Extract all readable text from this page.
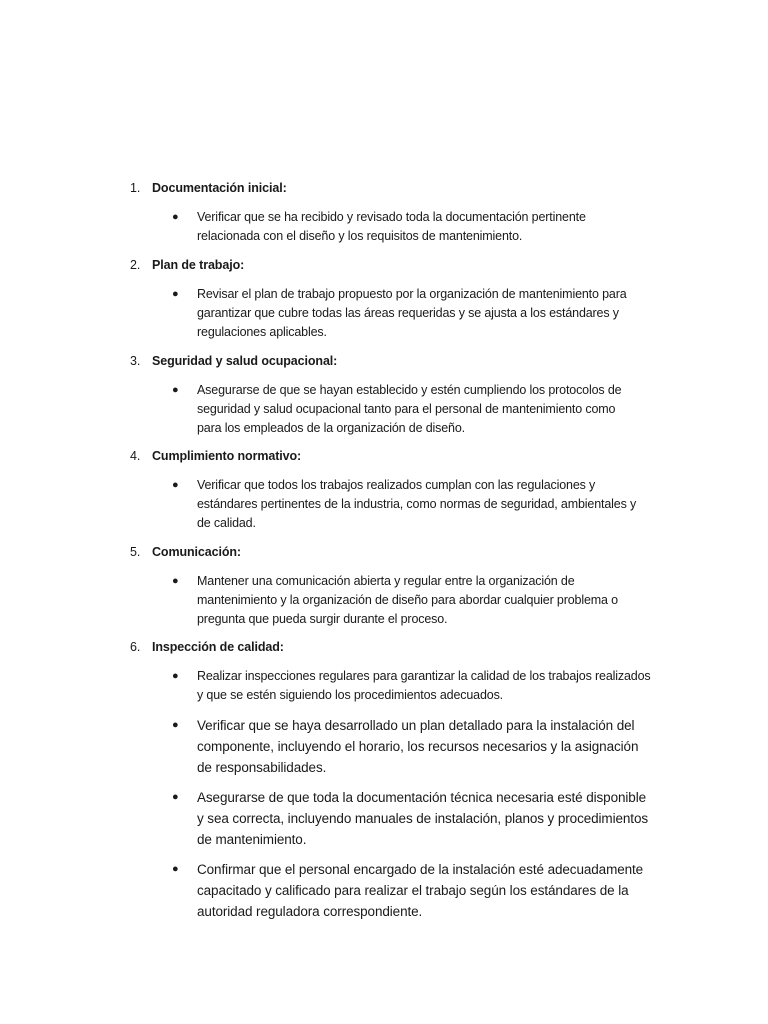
1. Documentación inicial:
● Verificar que se ha recibido y revisado toda la documentación pertinente
relacionada con el diseño y los requisitos de mantenimiento.
2. Plan de trabajo:
● Revisar el plan de trabajo propuesto por la organización de mantenimiento para
garantizar que cubre todas las áreas requeridas y se ajusta a los estándares y
regulaciones aplicables.
3. Seguridad y salud ocupacional:
● Asegurarse de que se hayan establecido y estén cumpliendo los protocolos de
seguridad y salud ocupacional tanto para el personal de mantenimiento como
para los empleados de la organización de diseño.
4. Cumplimiento normativo:
● Verificar que todos los trabajos realizados cumplan con las regulaciones y
estándares pertinentes de la industria, como normas de seguridad, ambientales y
de calidad.
5. Comunicación:
● Mantener una comunicación abierta y regular entre la organización de
mantenimiento y la organización de diseño para abordar cualquier problema o
pregunta que pueda surgir durante el proceso.
6. Inspección de calidad:
● Realizar inspecciones regulares para garantizar la calidad de los trabajos realizados
y que se estén siguiendo los procedimientos adecuados.
● Verificar que se haya desarrollado un plan detallado para la instalación del
componente, incluyendo el horario, los recursos necesarios y la asignación
de responsabilidades.
● Asegurarse de que toda la documentación técnica necesaria esté disponible
y sea correcta, incluyendo manuales de instalación, planos y procedimientos
de mantenimiento.
● Confirmar que el personal encargado de la instalación esté adecuadamente
capacitado y calificado para realizar el trabajo según los estándares de la
autoridad reguladora correspondiente.
